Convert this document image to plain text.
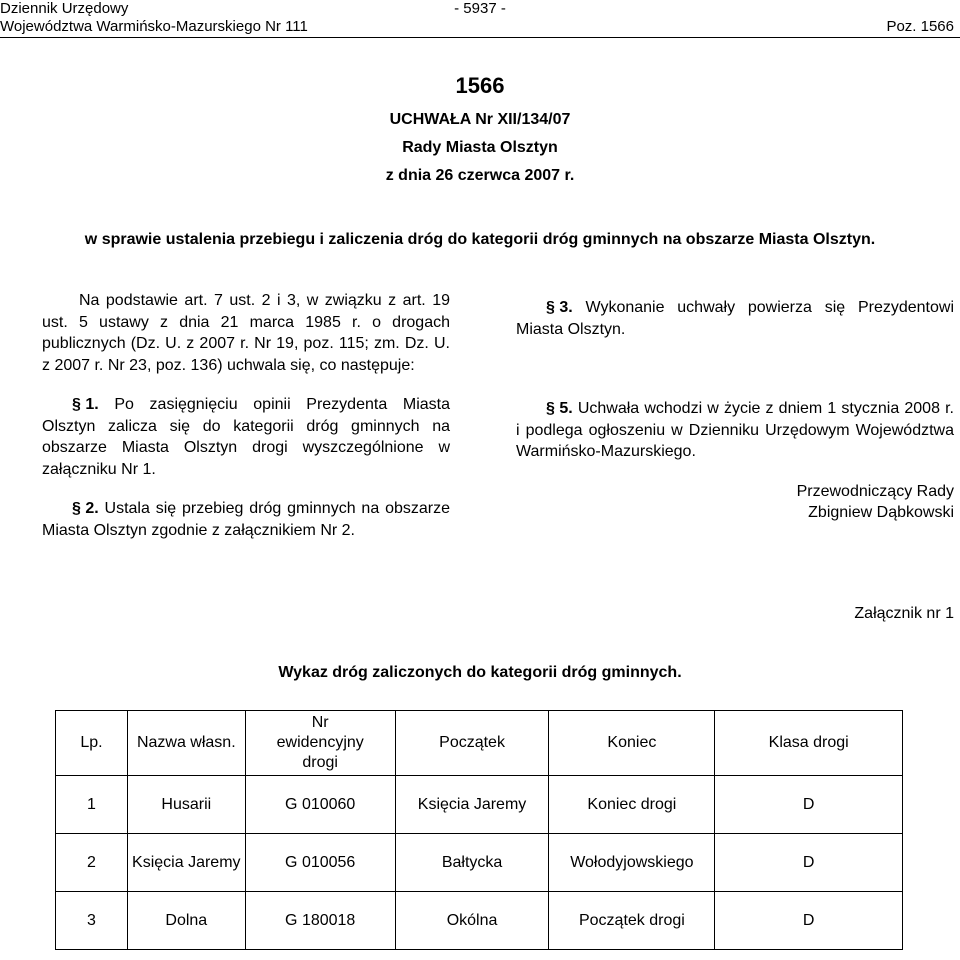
Dziennik Urzędowy
Województwa Warmińsko-Mazurskiego Nr 111
- 5937 -
Poz. 1566
1566
UCHWAŁA Nr XII/134/07
Rady Miasta Olsztyn
z dnia 26 czerwca 2007 r.
w sprawie ustalenia przebiegu i zaliczenia dróg do kategorii dróg gminnych na obszarze Miasta Olsztyn.

Na podstawie art. 7 ust. 2 i 3, w związku z art. 19 ust. 5 ustawy z dnia 21 marca 1985 r. o drogach publicznych (Dz. U. z 2007 r. Nr 19, poz. 115; zm. Dz. U. z 2007 r. Nr 23, poz. 136) uchwala się, co następuje:

§ 1. Po zasięgnięciu opinii Prezydenta Miasta Olsztyn zalicza się do kategorii dróg gminnych na obszarze Miasta Olsztyn drogi wyszczególnione w załączniku Nr 1.

§ 2. Ustala się przebieg dróg gminnych na obszarze Miasta Olsztyn zgodnie z załącznikiem Nr 2.

§ 3. Wykonanie uchwały powierza się Prezydentowi Miasta Olsztyn.

§ 5. Uchwała wchodzi w życie z dniem 1 stycznia 2008 r. i podlega ogłoszeniu w Dzienniku Urzędowym Województwa Warmińsko-Mazurskiego.

Przewodniczący Rady
Zbigniew Dąbkowski
Załącznik nr 1
Wykaz dróg zaliczonych do kategorii dróg gminnych.
Lp.	Nazwa własn.	Nr ewidencyjny drogi	Początek	Koniec	Klasa drogi
1	Husarii	G 010060	Księcia Jaremy	Koniec drogi	D
2	Księcia Jaremy	G 010056	Bałtycka	Wołodyjowskiego	D
3	Dolna	G 180018	Okólna	Początek drogi	D
